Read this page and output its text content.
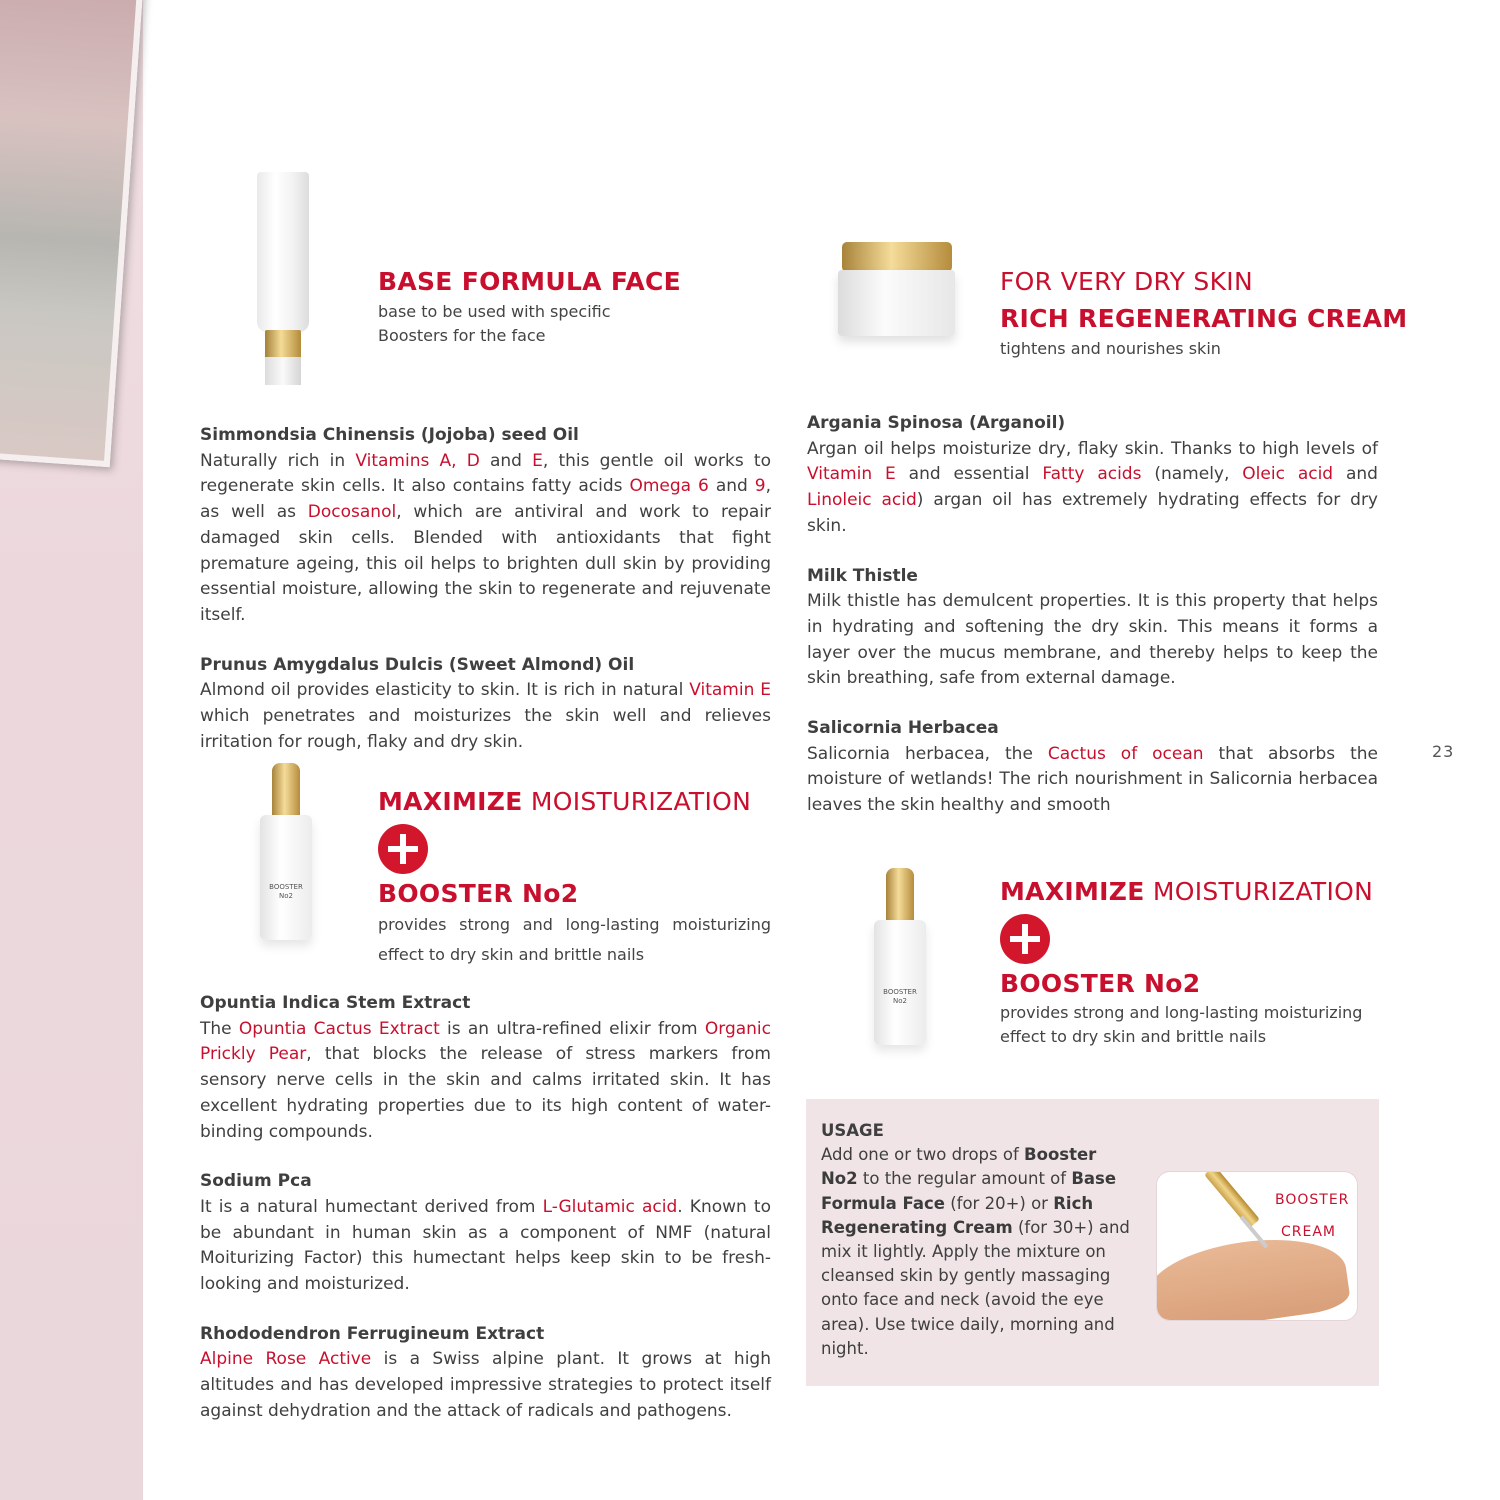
23
BASE FORMULA FACE
base to be used with specific
Boosters for the face
Simmondsia Chinensis (Jojoba) seed Oil

Naturally rich in Vitamins A, D and E, this gentle oil works to regenerate skin cells. It also contains fatty acids Omega 6 and 9, as well as Docosanol, which are antiviral and work to repair damaged skin cells. Blended with antioxidants that fight premature ageing, this oil helps to brighten dull skin by providing essential moisture, allowing the skin to regenerate and rejuvenate itself.

Prunus Amygdalus Dulcis (Sweet Almond) Oil

Almond oil provides elasticity to skin. It is rich in natural Vitamin E which penetrates and moisturizes the skin well and relieves irritation for rough, flaky and dry skin.

BOOSTER No2
MAXIMIZE MOISTURIZATION
BOOSTER No2
provides strong and long-lasting moisturizing effect to dry skin and brittle nails
Opuntia Indica Stem Extract

The Opuntia Cactus Extract is an ultra-refined elixir from Organic Prickly Pear, that blocks the release of stress markers from sensory nerve cells in the skin and calms irritated skin. It has excellent hydrating properties due to its high content of water-binding compounds.

Sodium Pca

It is a natural humectant derived from L-Glutamic acid. Known to be abundant in human skin as a component of NMF (natural Moiturizing Factor) this humectant helps keep skin to be fresh-looking and moisturized.

Rhododendron Ferrugineum Extract

Alpine Rose Active is a Swiss alpine plant. It grows at high altitudes and has developed impressive strategies to protect itself against dehydration and the attack of radicals and pathogens.

FOR VERY DRY SKIN
RICH REGENERATING CREAM
tightens and nourishes skin
Argania Spinosa (Arganoil)

Argan oil helps moisturize dry, flaky skin. Thanks to high levels of Vitamin E and essential Fatty acids (namely, Oleic acid and Linoleic acid) argan oil has extremely hydrating effects for dry skin.

Milk Thistle

Milk thistle has demulcent properties. It is this property that helps in hydrating and softening the dry skin. This means it forms a layer over the mucus membrane, and thereby helps to keep the skin breathing, safe from external damage.

Salicornia Herbacea

Salicornia herbacea, the Cactus of ocean that absorbs the moisture of wetlands! The rich nourishment in Salicornia herbacea leaves the skin healthy and smooth

BOOSTER No2
MAXIMIZE MOISTURIZATION
BOOSTER No2
provides strong and long-lasting moisturizing
effect to dry skin and brittle nails
USAGE
Add one or two drops of Booster No2 to the regular amount of Base Formula Face (for 20+) or Rich Regenerating Cream (for 30+) and mix it lightly. Apply the mixture on cleansed skin by gently massaging onto face and neck (avoid the eye area). Use twice daily, morning and night.
BOOSTER
CREAM
